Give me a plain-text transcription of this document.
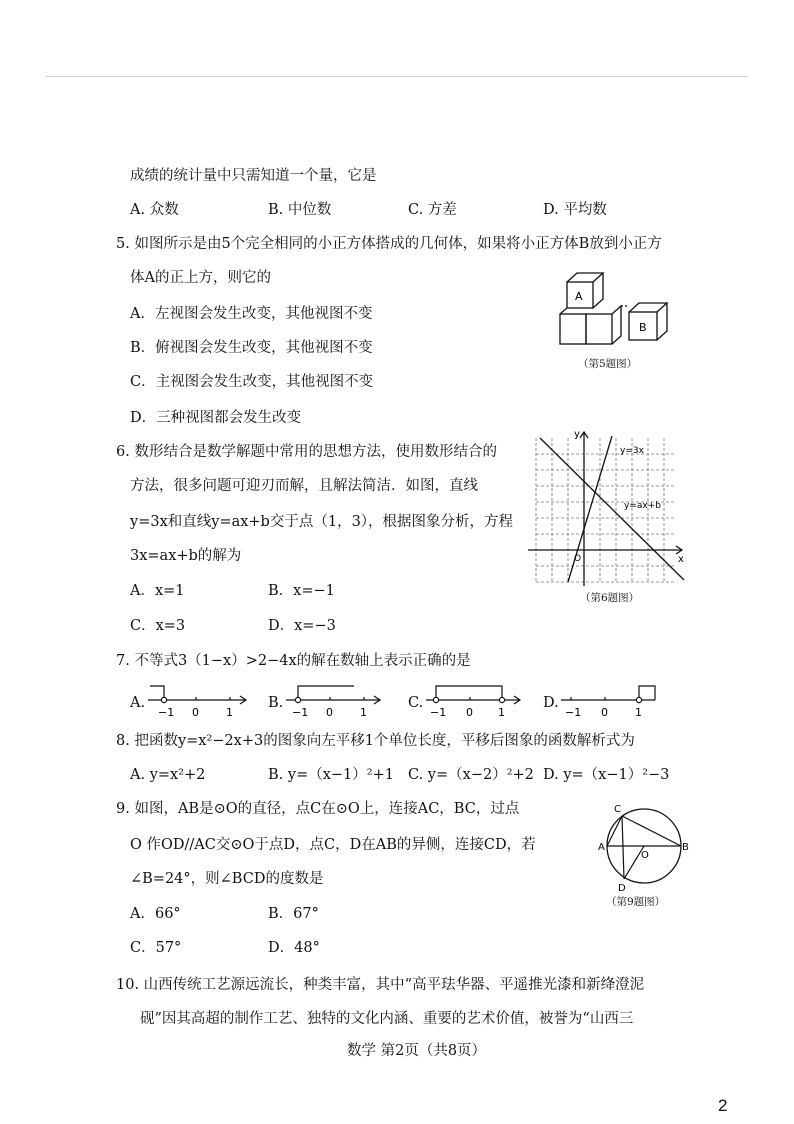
成绩的统计量中只需知道一个量，它是
A. 众数	B. 中位数	C. 方差	D. 平均数
5. 如图所示是由5个完全相同的小正方体搭成的几何体，如果将小正方体B放到小正方
体A的正上方，则它的
A．左视图会发生改变，其他视图不变
B．俯视图会发生改变，其他视图不变
C．主视图会发生改变，其他视图不变
D．三种视图都会发生改变
A
B
（第5题图）
6. 数形结合是数学解题中常用的思想方法，使用数形结合的
方法，很多问题可迎刃而解，且解法简洁．如图，直线
y=3x和直线y=ax+b交于点（1，3），根据图象分析，方程
3x=ax+b的解为
A．x=1	B．x=−1
C．x=3	D．x=−3
y
x
O
y=3x
y=ax+b
（第6题图）
7. 不等式3（1−x）>2−4x的解在数轴上表示正确的是
A.
−1 0 1
B.
−1 0 1
C.
−1 0 1
D.
−1 0 1
8. 把函数y=x²−2x+3的图象向左平移1个单位长度，平移后图象的函数解析式为
A. y=x²+2	B. y=（x−1）²+1 C. y=（x−2）²+2 D. y=（x−1）²−3
9. 如图，AB是⊙O的直径，点C在⊙O上，连接AC，BC，过点
O 作OD//AC交⊙O于点D，点C，D在AB的异侧，连接CD，若
∠B=24°，则∠BCD的度数是
A．66°	B．67°
C．57°	D．48°
A	B
C
D
O
（第9题图）
10. 山西传统工艺源远流长，种类丰富，其中“高平珐华器、平遥推光漆和新绛澄泥
砚”因其高超的制作工艺、独特的文化内涵、重要的艺术价值，被誉为“山西三
数学 第2页（共8页）
2
